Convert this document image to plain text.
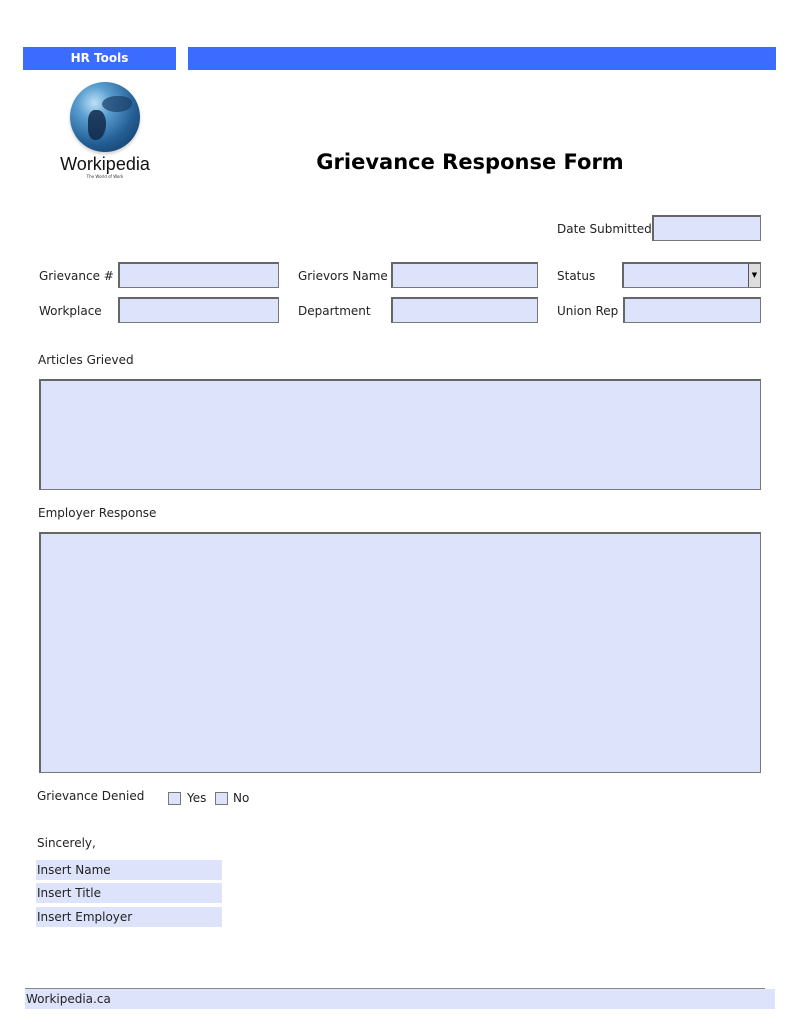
HR Tools
Workipedia
The World of Work
Grievance Response Form
Date Submitted
Grievance #	Grievors Name	Status	▼
Workplace	Department	Union Rep
Articles Grieved
Employer Response
Grievance Denied	Yes No
Sincerely,
Insert Name
Insert Title
Insert Employer
Workipedia.ca
